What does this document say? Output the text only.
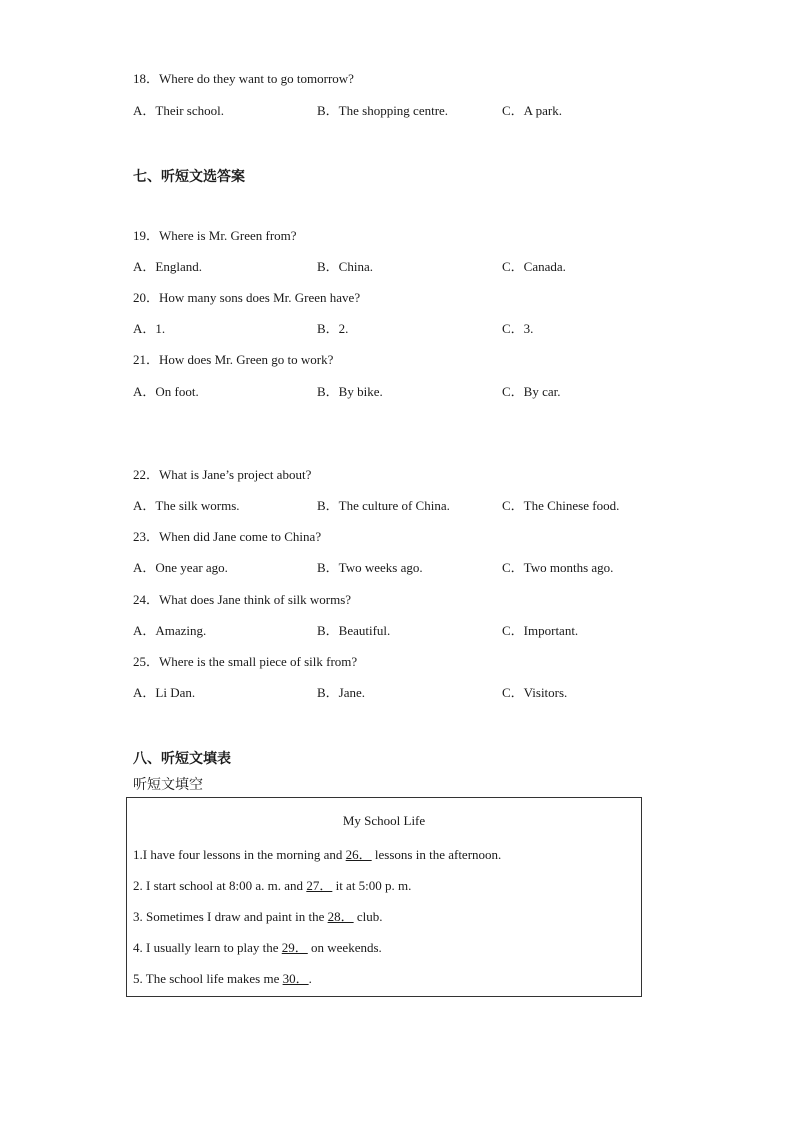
18．Where do they want to go tomorrow?
A．Their school.	B．The shopping centre.	C．A park.
七、听短文选答案
19．Where is Mr. Green from?
A．England.	B．China.	C．Canada.
20．How many sons does Mr. Green have?
A．1.	B．2.	C．3.
21．How does Mr. Green go to work?
A．On foot.	B．By bike.	C．By car.
22．What is Jane’s project about?
A．The silk worms.	B．The culture of China.	C．The Chinese food.
23．When did Jane come to China?
A．One year ago.	B．Two weeks ago.	C．Two months ago.
24．What does Jane think of silk worms?
A．Amazing.	B．Beautiful.	C．Important.
25．Where is the small piece of silk from?
A．Li Dan.	B．Jane.	C．Visitors.
八、听短文填表
听短文填空
My School Life
1.I have four lessons in the morning and 26． lessons in the afternoon.
2. I start school at 8:00 a. m. and 27． it at 5:00 p. m.
3. Sometimes I draw and paint in the 28． club.
4. I usually learn to play the 29． on weekends.
5. The school life makes me 30．.
